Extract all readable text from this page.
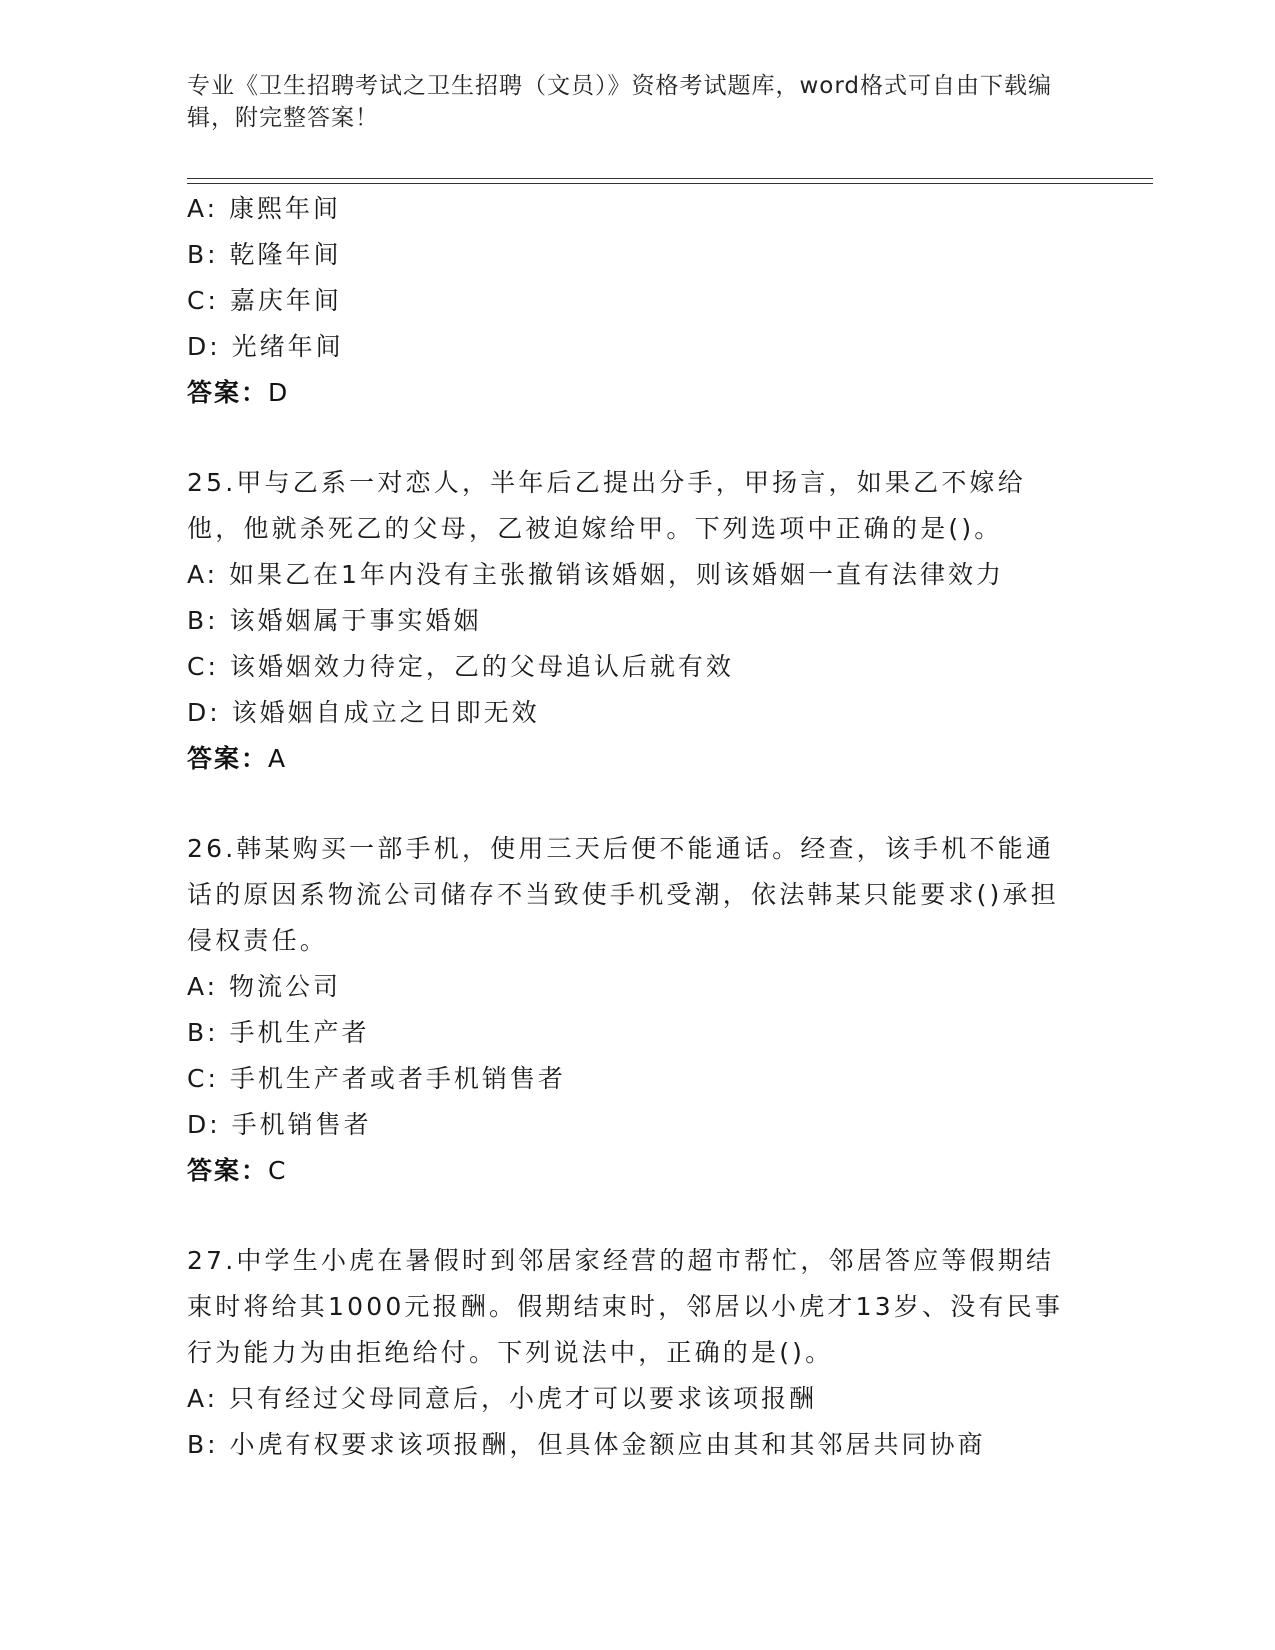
专业《卫生招聘考试之卫生招聘（文员）》资格考试题库，word格式可自由下载编辑，附完整答案！
A: 康熙年间
B: 乾隆年间
C: 嘉庆年间
D: 光绪年间
答案：D
25.甲与乙系一对恋人，半年后乙提出分手，甲扬言，如果乙不嫁给他，他就杀死乙的父母，乙被迫嫁给甲。下列选项中正确的是()。
A: 如果乙在1年内没有主张撤销该婚姻，则该婚姻一直有法律效力
B: 该婚姻属于事实婚姻
C: 该婚姻效力待定，乙的父母追认后就有效
D: 该婚姻自成立之日即无效
答案：A
26.韩某购买一部手机，使用三天后便不能通话。经查，该手机不能通话的原因系物流公司储存不当致使手机受潮，依法韩某只能要求()承担侵权责任。
A: 物流公司
B: 手机生产者
C: 手机生产者或者手机销售者
D: 手机销售者
答案：C
27.中学生小虎在暑假时到邻居家经营的超市帮忙，邻居答应等假期结束时将给其1000元报酬。假期结束时，邻居以小虎才13岁、没有民事行为能力为由拒绝给付。下列说法中，正确的是()。
A: 只有经过父母同意后，小虎才可以要求该项报酬
B: 小虎有权要求该项报酬，但具体金额应由其和其邻居共同协商
